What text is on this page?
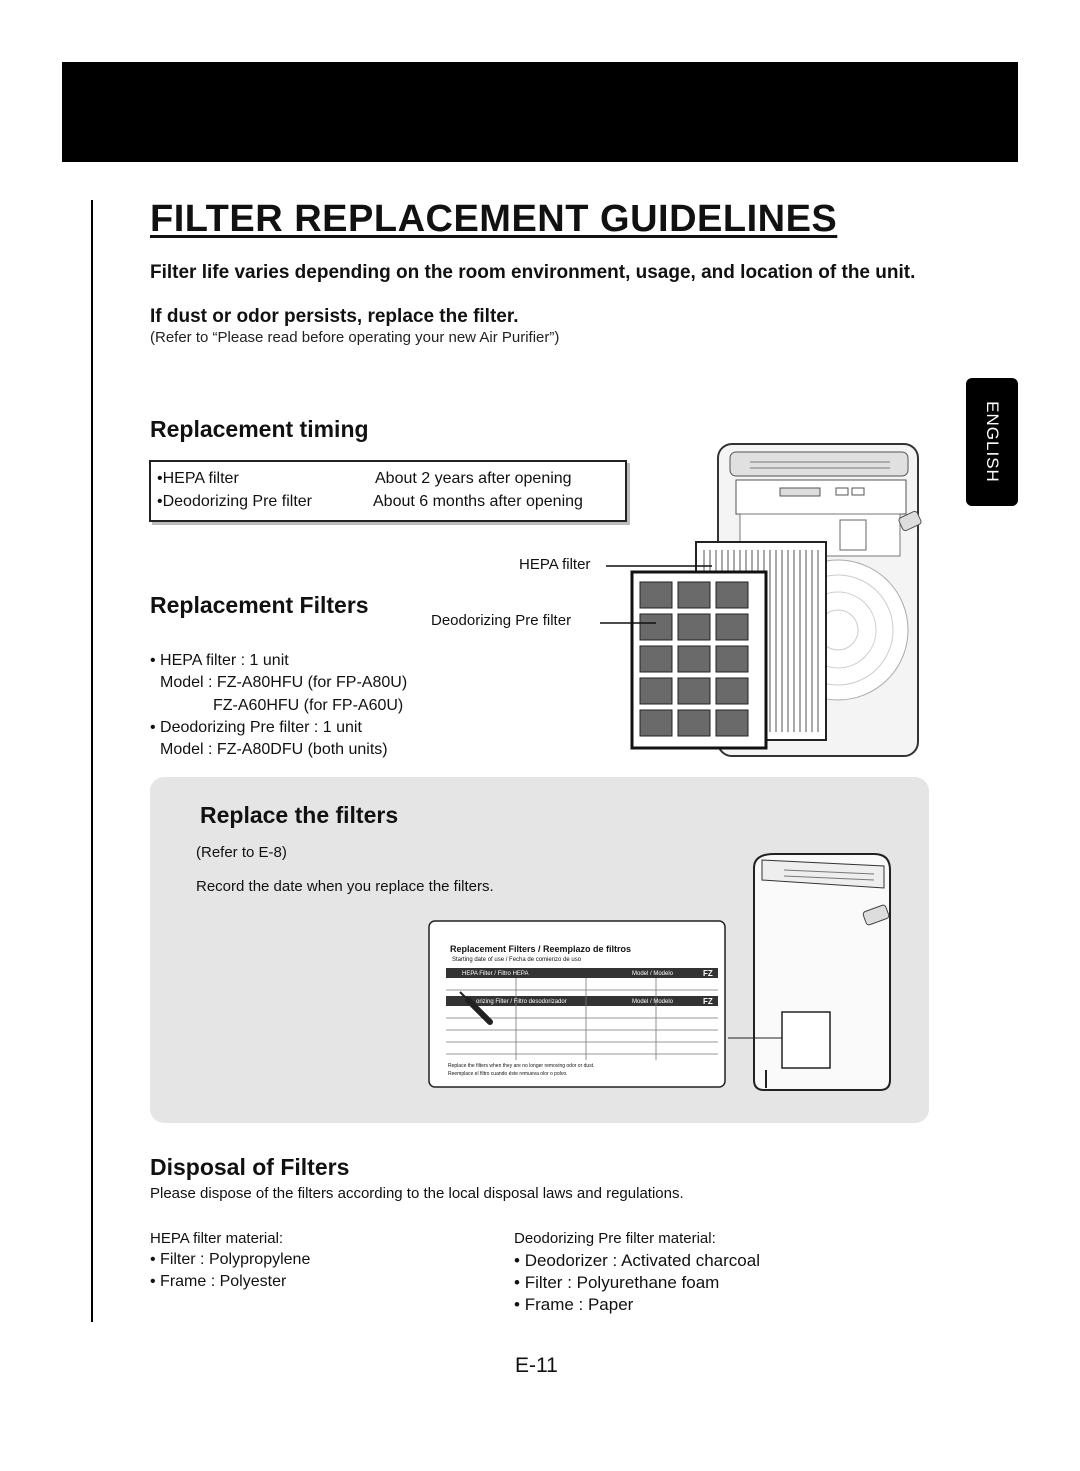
ENGLISH
FILTER REPLACEMENT GUIDELINES
Filter life varies depending on the room environment, usage, and location of the unit.
If dust or odor persists, replace the filter.
(Refer to “Please read before operating your new Air Purifier”)
Replacement timing
•HEPA filter	About 2 years after opening
•Deodorizing Pre filter	About 6 months after opening
HEPA filter
Deodorizing Pre filter
Replacement Filters
• HEPA filter : 1 unit
Model : FZ-A80HFU (for FP-A80U)
FZ-A60HFU (for FP-A60U)
• Deodorizing Pre filter : 1 unit
Model : FZ-A80DFU (both units)
Replace the filters
(Refer to E-8)
Record the date when you replace the filters.
Replacement Filters / Reemplazo de filtros
Starting date of use / Fecha de comienzo de uso
HEPA Filter / Filtro HEPA	Model / Modelo	FZ
orizing Filter / Filtro desodorizador	Model / Modelo	FZ
Replace the filters when they are no longer removing odor or dust.
Reemplace el filtro cuando éste remueva olor o polvo.
Disposal of Filters
Please dispose of the filters according to the local disposal laws and regulations.
HEPA filter material:
• Filter : Polypropylene
• Frame : Polyester
Deodorizing Pre filter material:
• Deodorizer : Activated charcoal
• Filter : Polyurethane foam
• Frame : Paper
E-11
